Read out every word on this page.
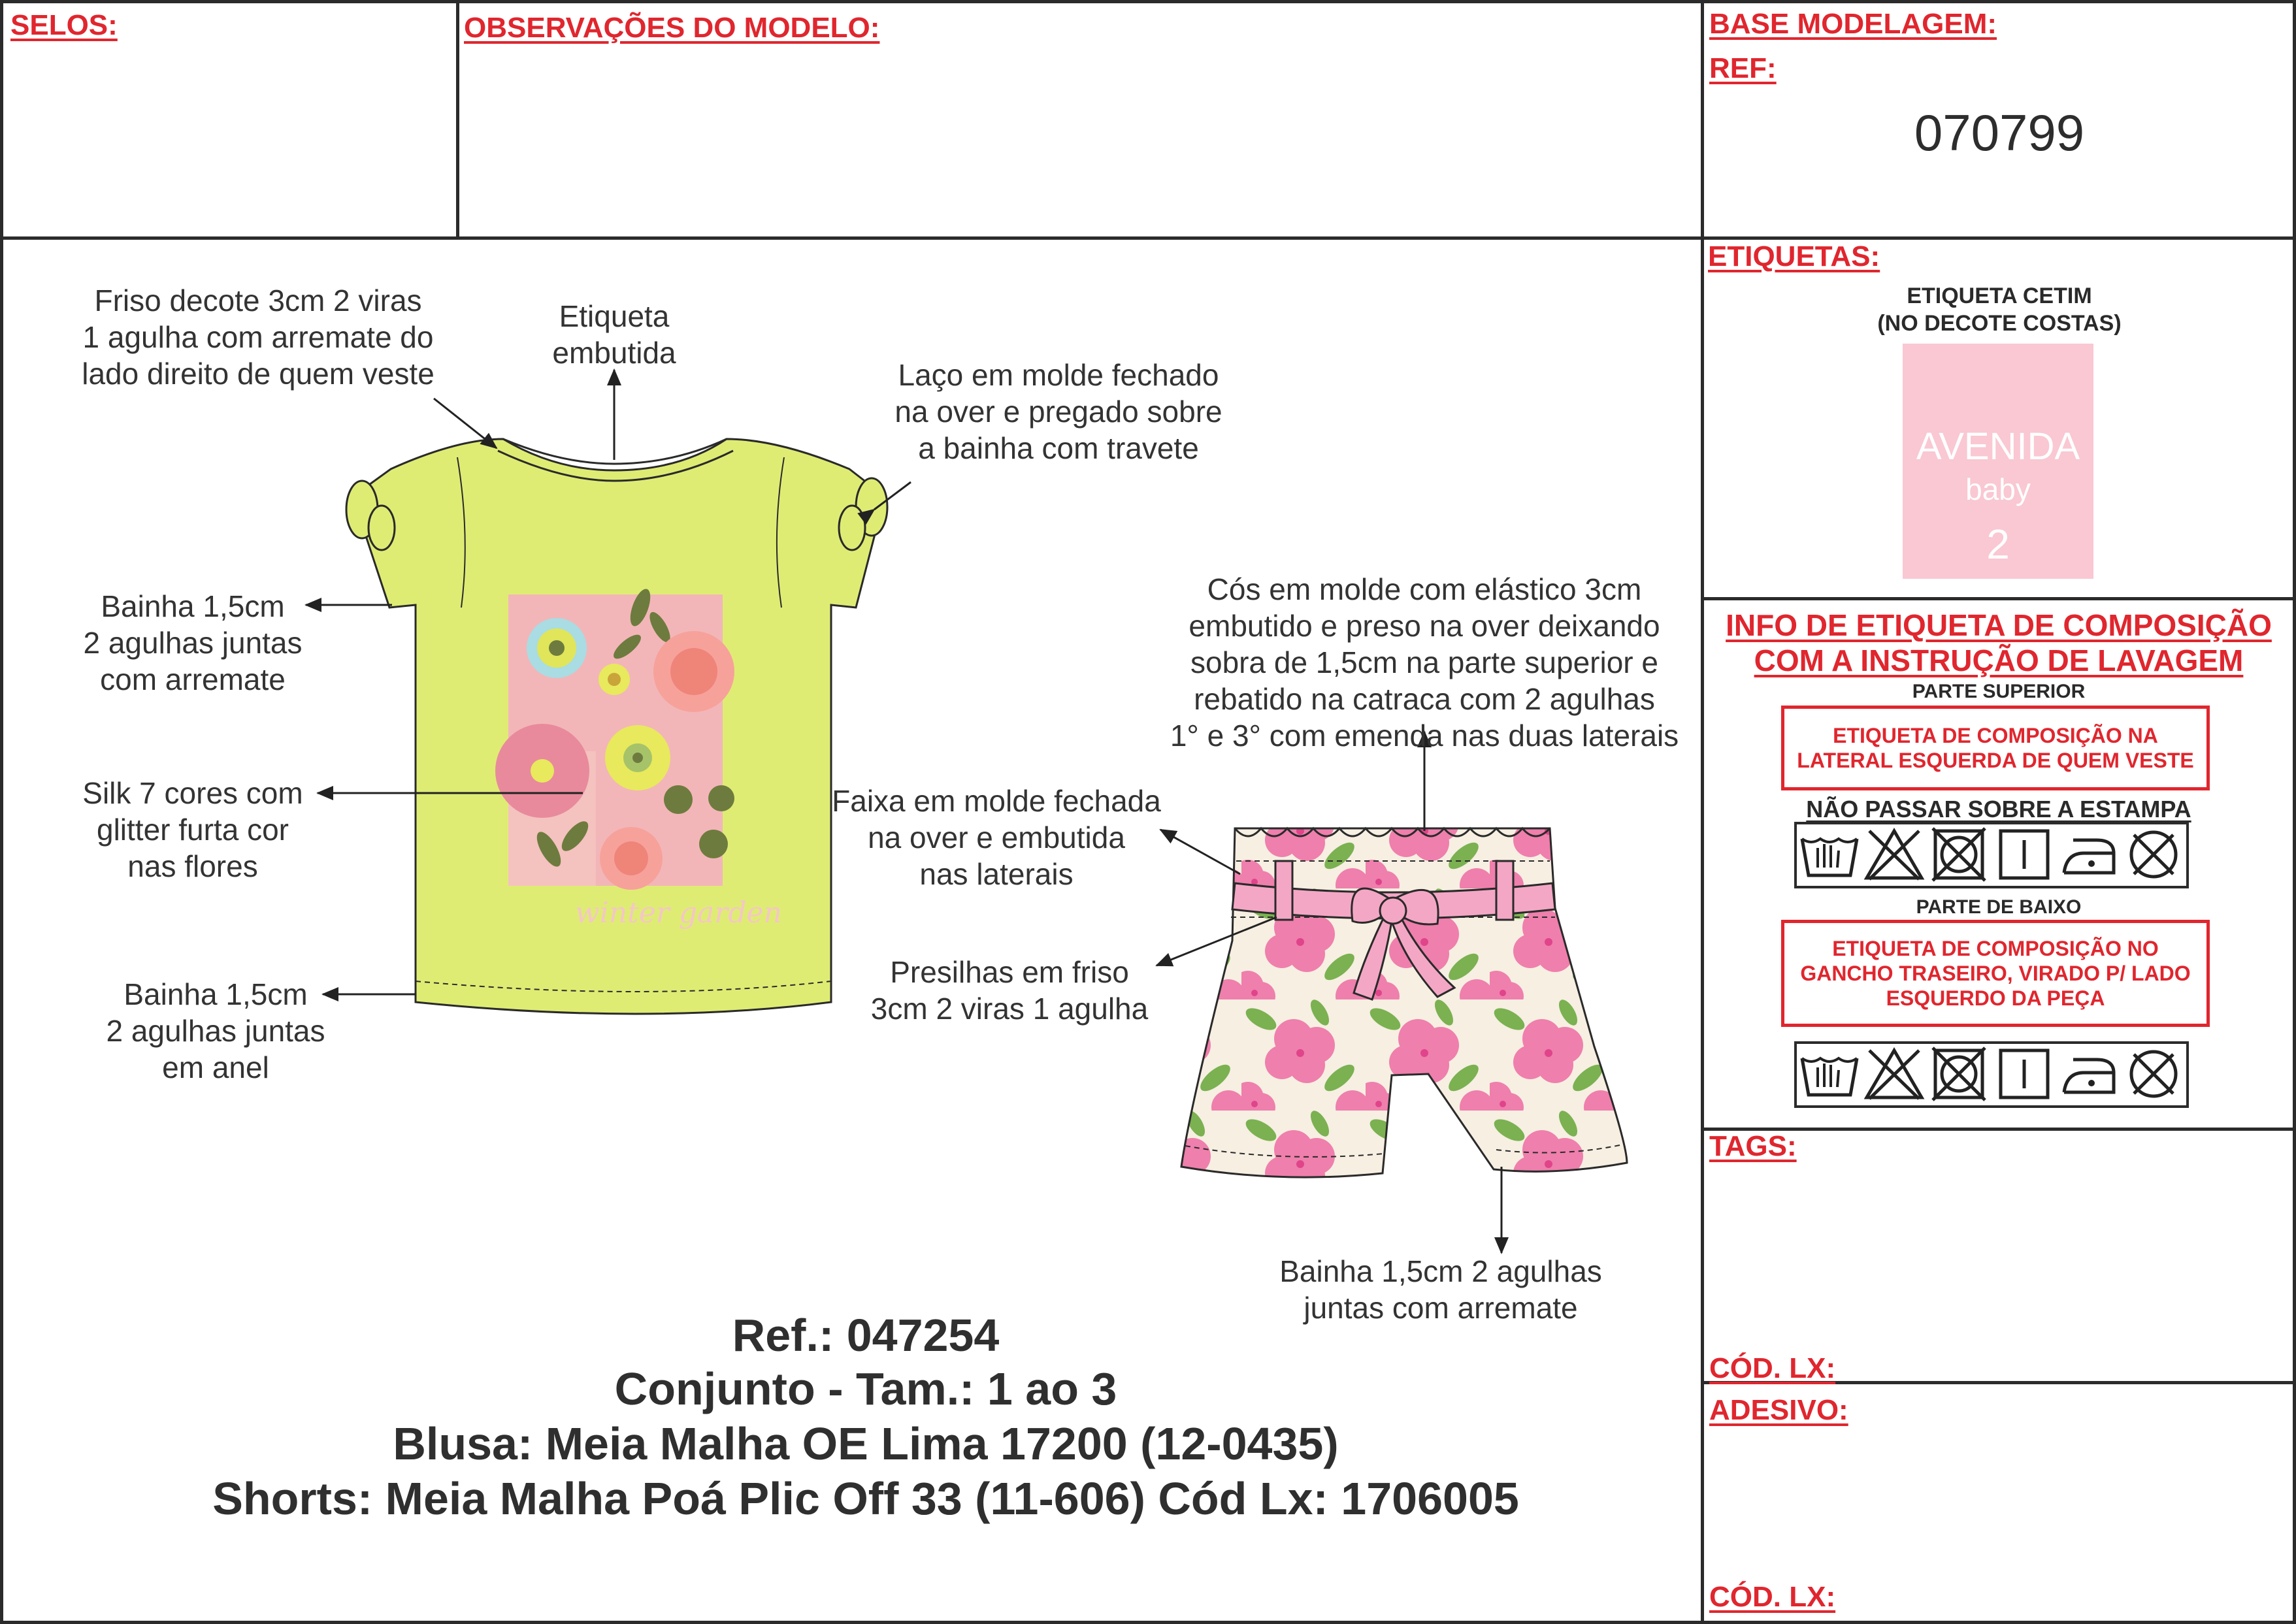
SELOS:	OBSERVAÇÕES DO MODELO:	BASE MODELAGEM:
REF:
070799
ETIQUETAS:
ETIQUETA CETIM
(NO DECOTE COSTAS)
AVENIDA
baby
2
INFO DE ETIQUETA DE COMPOSIÇÃO
COM A INSTRUÇÃO DE LAVAGEM
PARTE SUPERIOR
ETIQUETA DE COMPOSIÇÃO NA LATERAL ESQUERDA DE QUEM VESTE
NÃO PASSAR SOBRE A ESTAMPA
PARTE DE BAIXO
ETIQUETA DE COMPOSIÇÃO NO GANCHO TRASEIRO, VIRADO P/ LADO ESQUERDO DA PEÇA
TAGS:
CÓD. LX:
ADESIVO:
CÓD. LX:
winter garden
Friso decote 3cm 2 viras
1 agulha com arremate do
lado direito de quem veste
Etiqueta
embutida
Laço em molde fechado
na over e pregado sobre
a bainha com travete
Bainha 1,5cm
2 agulhas juntas
com arremate
Silk 7 cores com
glitter furta cor
nas flores
Bainha 1,5cm
2 agulhas juntas
em anel
Cós em molde com elástico 3cm
embutido e preso na over deixando
sobra de 1,5cm na parte superior e
rebatido na catraca com 2 agulhas
1° e 3° com emenda nas duas laterais
Faixa em molde fechada
na over e embutida
nas laterais
Presilhas em friso
3cm 2 viras 1 agulha
Bainha 1,5cm 2 agulhas
juntas com arremate
Ref.: 047254
Conjunto - Tam.: 1 ao 3
Blusa: Meia Malha OE Lima 17200 (12-0435)
Shorts: Meia Malha Poá Plic Off 33 (11-606) Cód Lx: 1706005
